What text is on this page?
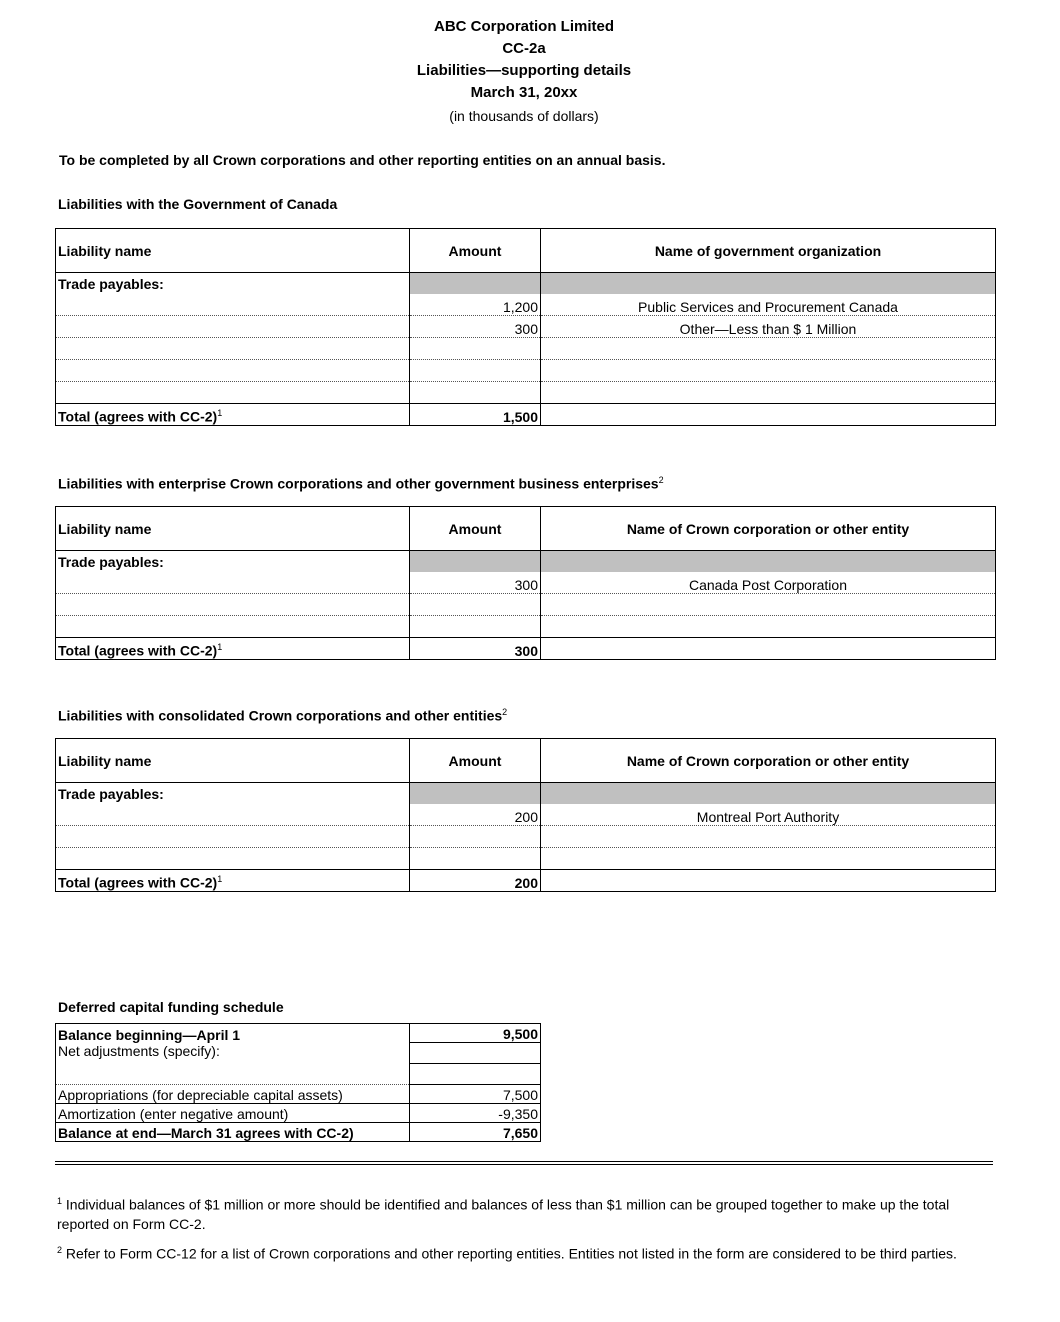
ABC Corporation Limited
CC-2a
Liabilities—supporting details
March 31, 20xx
(in thousands of dollars)
To be completed by all Crown corporations and other reporting entities on an annual basis.
Liabilities with the Government of Canada
Liability name	Amount	Name of government organization
Trade payables:		
	1,200	Public Services and Procurement Canada
	300	Other—Less than $ 1 Million

Total (agrees with CC-2)$^1$	1,500	
Liabilities with enterprise Crown corporations and other government business enterprises$^2$
Liability name	Amount	Name of Crown corporation or other entity
Trade payables:		
	300	Canada Post Corporation

Total (agrees with CC-2)$^1$	300	
Liabilities with consolidated Crown corporations and other entities$^2$
Liability name	Amount	Name of Crown corporation or other entity
Trade payables:		
	200	Montreal Port Authority

Total (agrees with CC-2)$^1$	200	
Deferred capital funding schedule
Balance beginning—April 1	9,500
Net adjustments (specify):	

Appropriations (for depreciable capital assets)	7,500
Amortization (enter negative amount)	-9,350
Balance at end—March 31 agrees with CC-2)	7,650
$^1$ Individual balances of $1 million or more should be identified and balances of less than $1 million can be grouped together to make up the total reported on Form CC-2.
$^2$ Refer to Form CC-12 for a list of Crown corporations and other reporting entities. Entities not listed in the form are considered to be third parties.
